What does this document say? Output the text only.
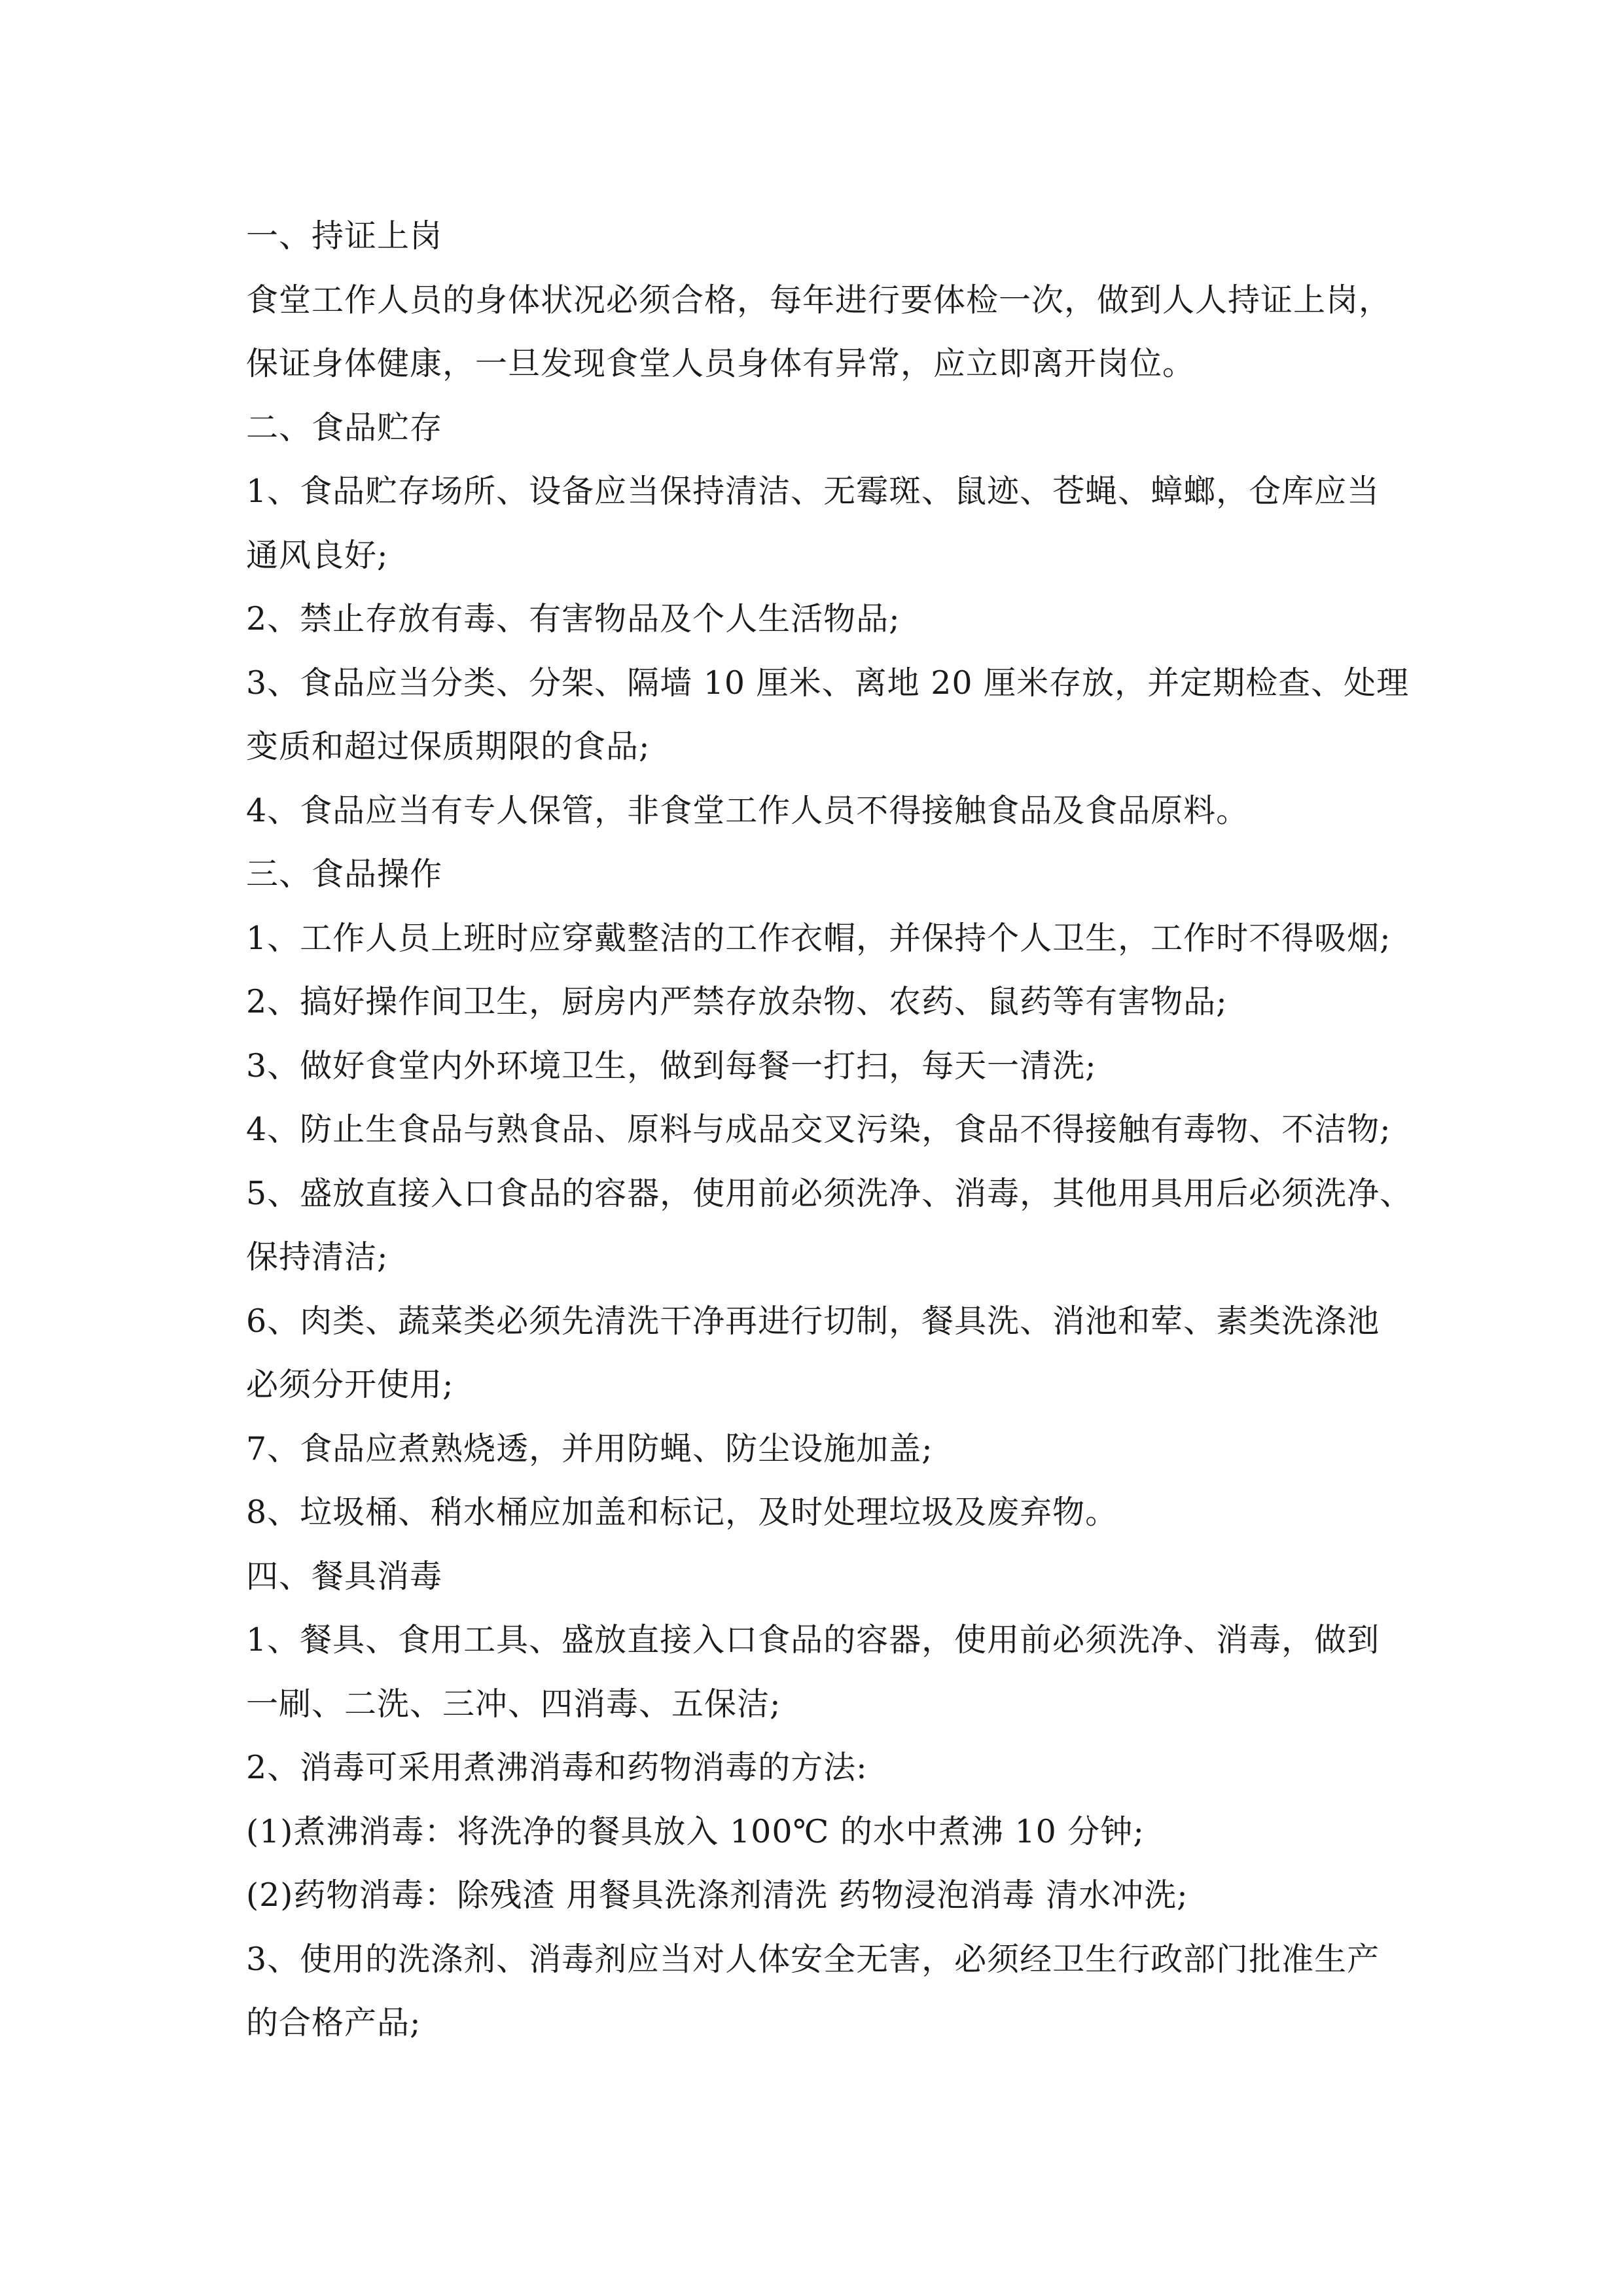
一、持证上岗
食堂工作人员的身体状况必须合格，每年进行要体检一次，做到人人持证上岗，
保证身体健康，一旦发现食堂人员身体有异常，应立即离开岗位。
二、食品贮存
1、食品贮存场所、设备应当保持清洁、无霉斑、鼠迹、苍蝇、蟑螂，仓库应当
通风良好;
2、禁止存放有毒、有害物品及个人生活物品;
3、食品应当分类、分架、隔墙 10 厘米、离地 20 厘米存放，并定期检查、处理
变质和超过保质期限的食品;
4、食品应当有专人保管，非食堂工作人员不得接触食品及食品原料。
三、食品操作
1、工作人员上班时应穿戴整洁的工作衣帽，并保持个人卫生，工作时不得吸烟;
2、搞好操作间卫生，厨房内严禁存放杂物、农药、鼠药等有害物品;
3、做好食堂内外环境卫生，做到每餐一打扫，每天一清洗;
4、防止生食品与熟食品、原料与成品交叉污染，食品不得接触有毒物、不洁物;
5、盛放直接入口食品的容器，使用前必须洗净、消毒，其他用具用后必须洗净、
保持清洁;
6、肉类、蔬菜类必须先清洗干净再进行切制，餐具洗、消池和荤、素类洗涤池
必须分开使用;
7、食品应煮熟烧透，并用防蝇、防尘设施加盖;
8、垃圾桶、稍水桶应加盖和标记，及时处理垃圾及废弃物。
四、餐具消毒
1、餐具、食用工具、盛放直接入口食品的容器，使用前必须洗净、消毒，做到
一刷、二洗、三冲、四消毒、五保洁;
2、消毒可采用煮沸消毒和药物消毒的方法:
(1)煮沸消毒：将洗净的餐具放入 100℃ 的水中煮沸 10 分钟;
(2)药物消毒：除残渣 用餐具洗涤剂清洗 药物浸泡消毒 清水冲洗;
3、使用的洗涤剂、消毒剂应当对人体安全无害，必须经卫生行政部门批准生产
的合格产品;
